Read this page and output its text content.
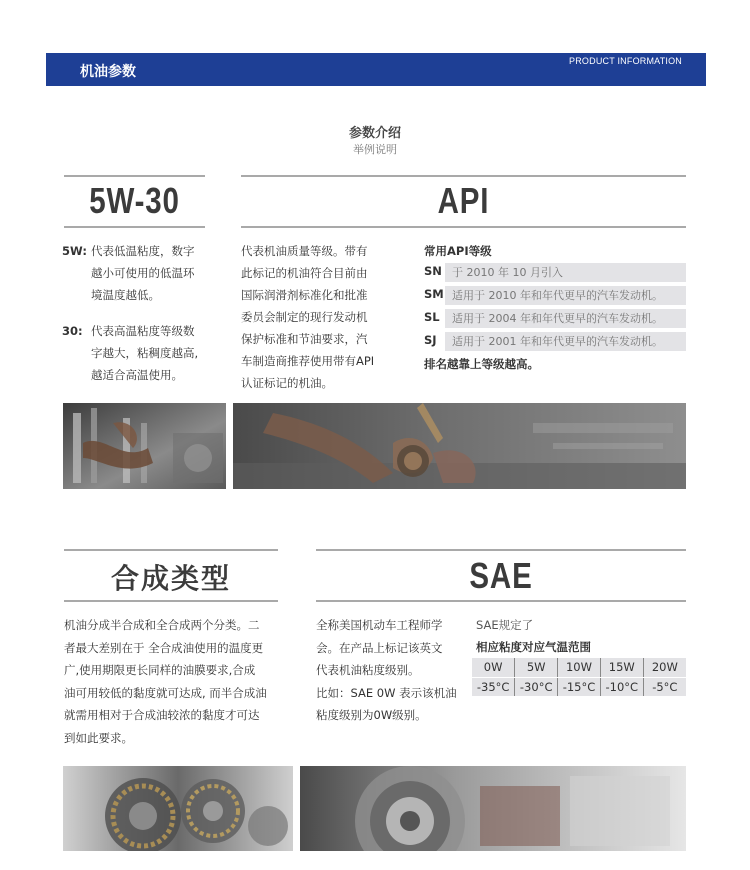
机油参数
PRODUCT INFORMATION
参数介绍
举例说明
5W-30	API
5W: 代表低温粘度，数字
越小可使用的低温环
境温度越低。
30: 代表高温粘度等级数
字越大，粘稠度越高,
越适合高温使用。
代表机油质量等级。带有
此标记的机油符合目前由
国际润滑剂标准化和批准
委员会制定的现行发动机
保护标准和节油要求，汽
车制造商推荐使用带有API
认证标记的机油。
常用API等级
SN 于 2010 年 10 月引入
SM 适用于 2010 年和年代更早的汽车发动机。
SL	适用于 2004 年和年代更早的汽车发动机。
SJ	适用于 2001 年和年代更早的汽车发动机。
排名越靠上等级越高。
合成类型	SAE
机油分成半合成和全合成两个分类。二
者最大差别在于 全合成油使用的温度更
广,使用期限更长同样的油膜要求,合成
油可用较低的黏度就可达成, 而半合成油
就需用相对于合成油较浓的黏度才可达
到如此要求。
全称美国机动车工程师学
会。在产品上标记该英文
代表机油粘度级别。
比如：SAE 0W 表示该机油
粘度级别为0W级别。
SAE规定了
相应粘度对应气温范围
0W	5W	10W	15W	20W
-35°C	-30°C	-15°C	-10°C	-5°C
